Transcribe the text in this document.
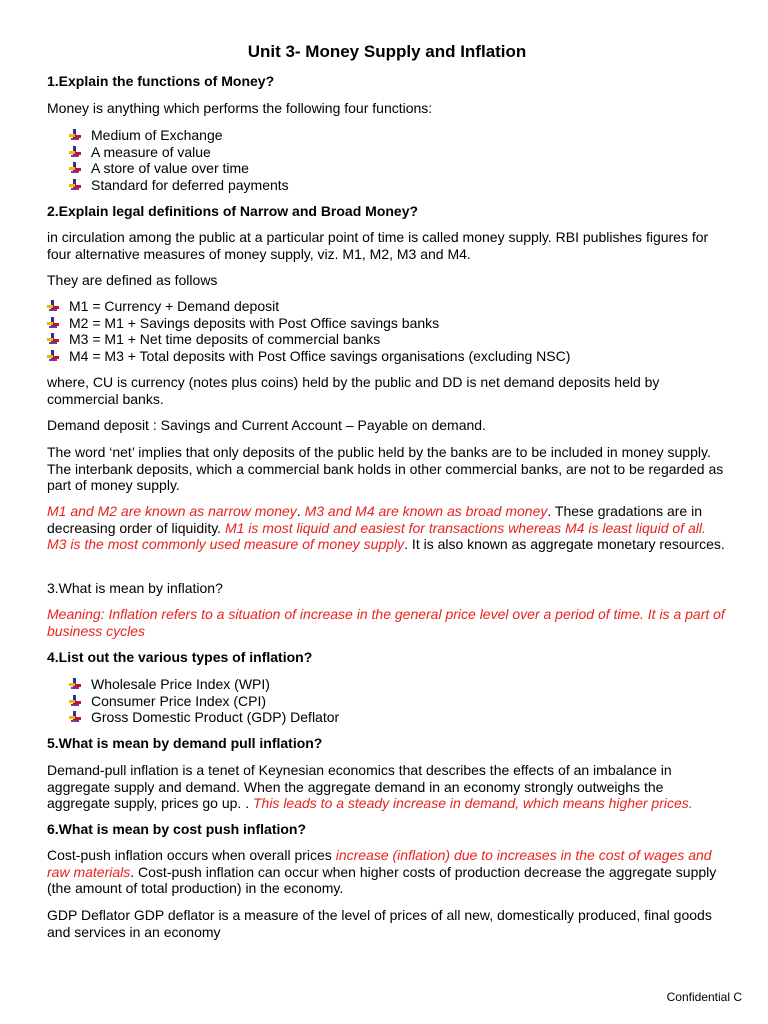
Unit 3- Money Supply and Inflation
1.Explain the functions of Money?
Money is anything which performs the following four functions:
Medium of Exchange
A measure of value
A store of value over time
Standard for deferred payments
2.Explain legal definitions of Narrow and Broad Money?
in circulation among the public at a particular point of time is called money supply. RBI publishes figures for four alternative measures of money supply, viz. M1, M2, M3 and M4.
They are defined as follows
M1 = Currency + Demand deposit
M2 = M1 + Savings deposits with Post Office savings banks
M3 = M1 + Net time deposits of commercial banks
M4 = M3 + Total deposits with Post Office savings organisations (excluding NSC)
where, CU is currency (notes plus coins) held by the public and DD is net demand deposits held by commercial banks.
Demand deposit : Savings and Current Account – Payable on demand.
The word ‘net’ implies that only deposits of the public held by the banks are to be included in money supply. The interbank deposits, which a commercial bank holds in other commercial banks, are not to be regarded as part of money supply.
M1 and M2 are known as narrow money. M3 and M4 are known as broad money. These gradations are in decreasing order of liquidity. M1 is most liquid and easiest for transactions whereas M4 is least liquid of all. M3 is the most commonly used measure of money supply. It is also known as aggregate monetary resources.
3.What is mean by inflation?
Meaning: Inflation refers to a situation of increase in the general price level over a period of time. It is a part of business cycles
4.List out the various types of inflation?
Wholesale Price Index (WPI)
Consumer Price Index (CPI)
Gross Domestic Product (GDP) Deflator
5.What is mean by demand pull inflation?
Demand-pull inflation is a tenet of Keynesian economics that describes the effects of an imbalance in aggregate supply and demand. When the aggregate demand in an economy strongly outweighs the aggregate supply, prices go up. . This leads to a steady increase in demand, which means higher prices.
6.What is mean by cost push inflation?
Cost-push inflation occurs when overall prices increase (inflation) due to increases in the cost of wages and raw materials. Cost-push inflation can occur when higher costs of production decrease the aggregate supply (the amount of total production) in the economy.
GDP Deflator GDP deflator is a measure of the level of prices of all new, domestically produced, final goods and services in an economy
Confidential C
